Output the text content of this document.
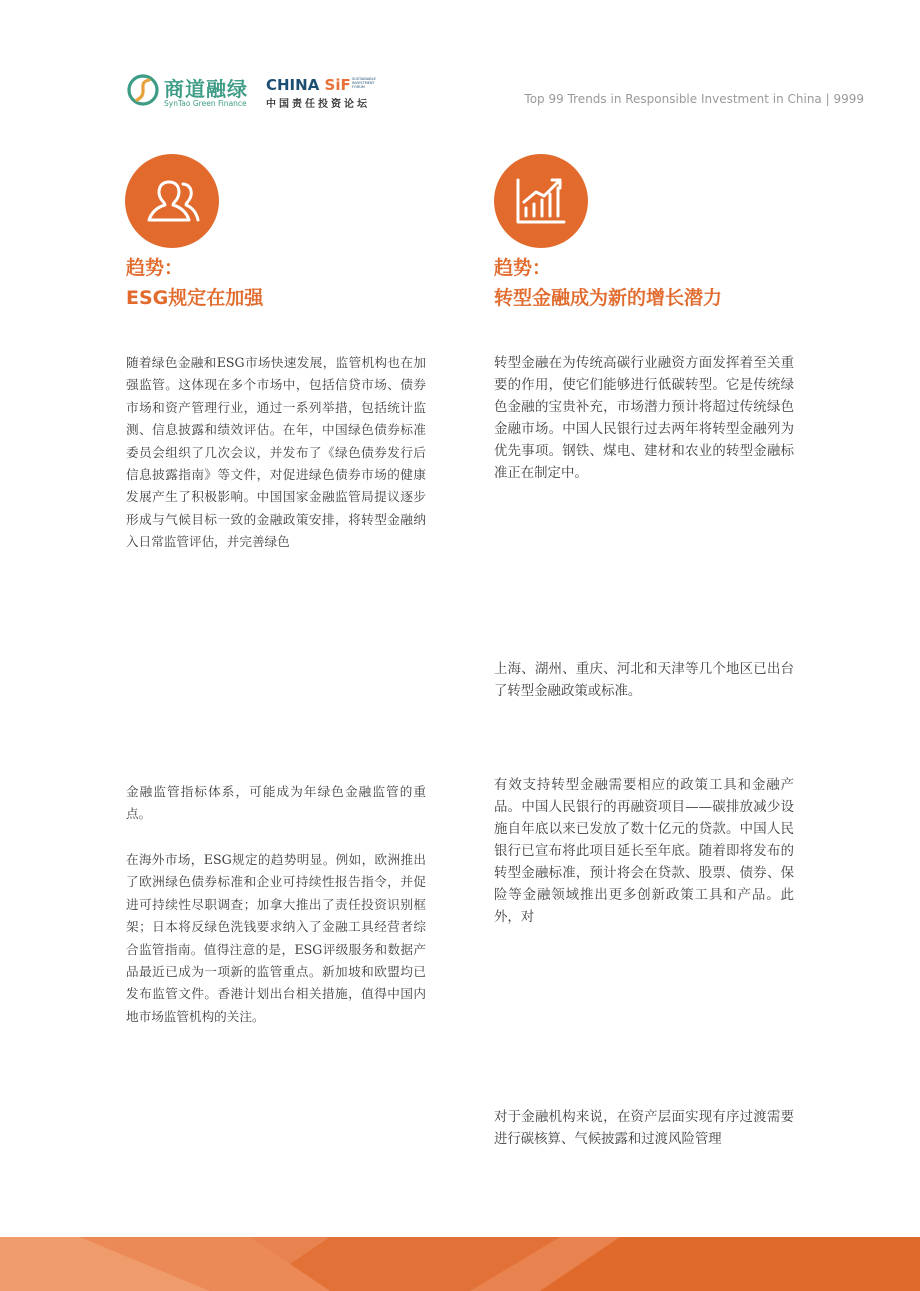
商道融绿
SynTao Green Finance
CHINA SiF SUSTAINABLE INVESTMENT FORUM
中国责任投资论坛	Top 99 Trends in Responsible Investment in China | 9999
趋势：
ESG规定在加强
随着绿色金融和ESG市场快速发展，监管机构也在加强监管。这体现在多个市场中，包括信贷市场、债券市场和资产管理行业，通过一系列举措，包括统计监测、信息披露和绩效评估。在年，中国绿色债券标准委员会组织了几次会议，并发布了《绿色债券发行后信息披露指南》等文件，对促进绿色债券市场的健康发展产生了积极影响。中国国家金融监管局提议逐步形成与气候目标一致的金融政策安排，将转型金融纳入日常监管评估，并完善绿色
金融监管指标体系，可能成为年绿色金融监管的重点。
在海外市场，ESG规定的趋势明显。例如，欧洲推出了欧洲绿色债券标准和企业可持续性报告指令，并促进可持续性尽职调查；加拿大推出了责任投资识别框架；日本将反绿色洗钱要求纳入了金融工具经营者综合监管指南。值得注意的是，ESG评级服务和数据产品最近已成为一项新的监管重点。新加坡和欧盟均已发布监管文件。香港计划出台相关措施，值得中国内地市场监管机构的关注。
趋势：
转型金融成为新的增长潜力
转型金融在为传统高碳行业融资方面发挥着至关重要的作用，使它们能够进行低碳转型。它是传统绿色金融的宝贵补充，市场潜力预计将超过传统绿色金融市场。中国人民银行过去两年将转型金融列为优先事项。钢铁、煤电、建材和农业的转型金融标准正在制定中。
上海、湖州、重庆、河北和天津等几个地区已出台了转型金融政策或标准。
有效支持转型金融需要相应的政策工具和金融产品。中国人民银行的再融资项目——碳排放减少设施自年底以来已发放了数十亿元的贷款。中国人民银行已宣布将此项目延长至年底。随着即将发布的转型金融标准，预计将会在贷款、股票、债券、保险等金融领域推出更多创新政策工具和产品。此外，对
对于金融机构来说，在资产层面实现有序过渡需要进行碳核算、气候披露和过渡风险管理
